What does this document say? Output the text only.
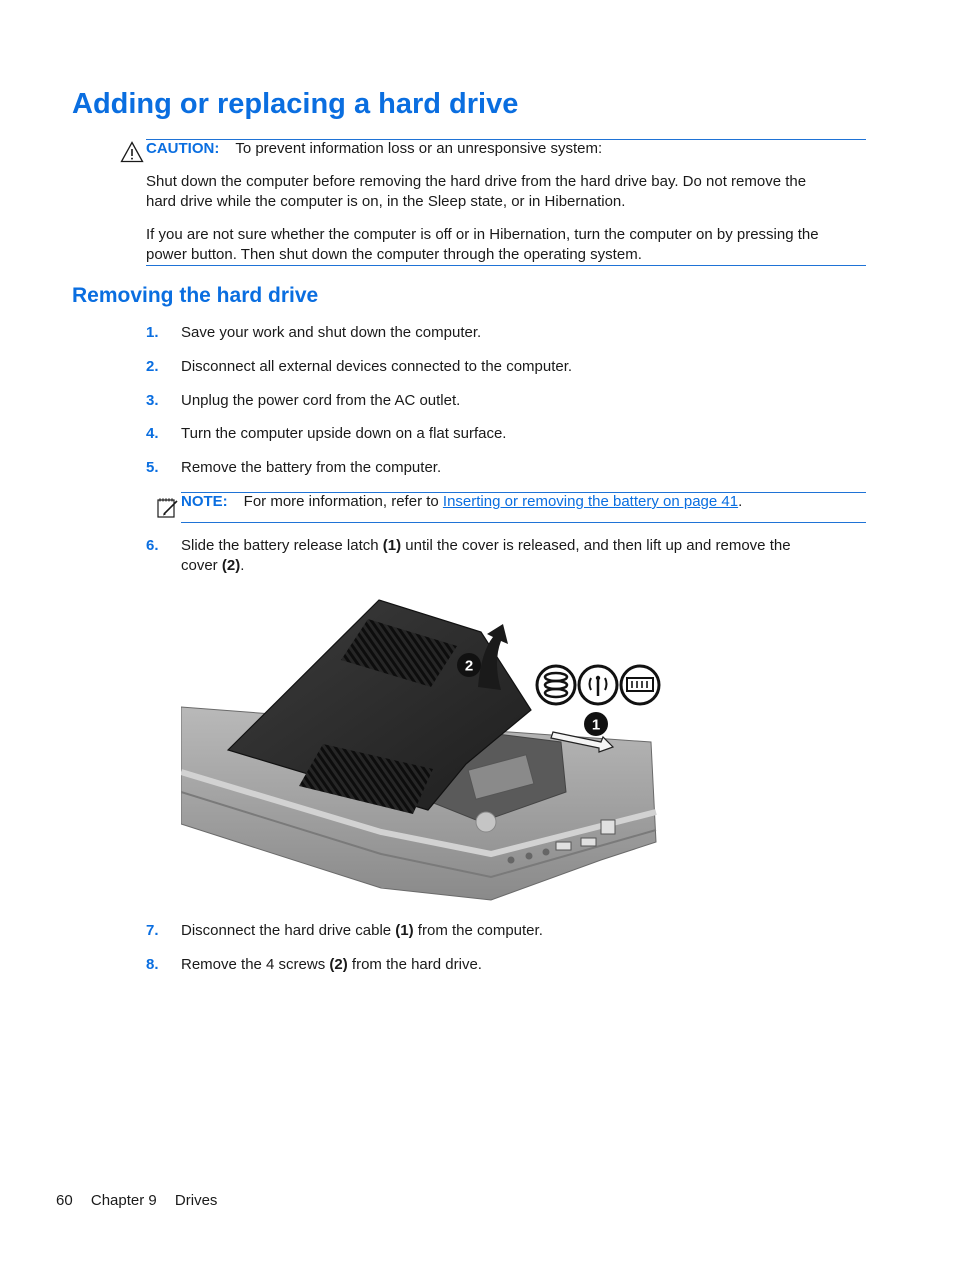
Adding or replacing a hard drive
CAUTION: To prevent information loss or an unresponsive system:
Shut down the computer before removing the hard drive from the hard drive bay. Do not remove the
hard drive while the computer is on, in the Sleep state, or in Hibernation.
If you are not sure whether the computer is off or in Hibernation, turn the computer on by pressing the
power button. Then shut down the computer through the operating system.
Removing the hard drive
1. Save your work and shut down the computer.
2. Disconnect all external devices connected to the computer.
3. Unplug the power cord from the AC outlet.
4. Turn the computer upside down on a flat surface.
5. Remove the battery from the computer.
NOTE: For more information, refer to Inserting or removing the battery on page 41.
6. Slide the battery release latch (1) until the cover is released, and then lift up and remove the
cover (2).
2
1
7. Disconnect the hard drive cable (1) from the computer.
8. Remove the 4 screws (2) from the hard drive.
60 Chapter 9 Drives
